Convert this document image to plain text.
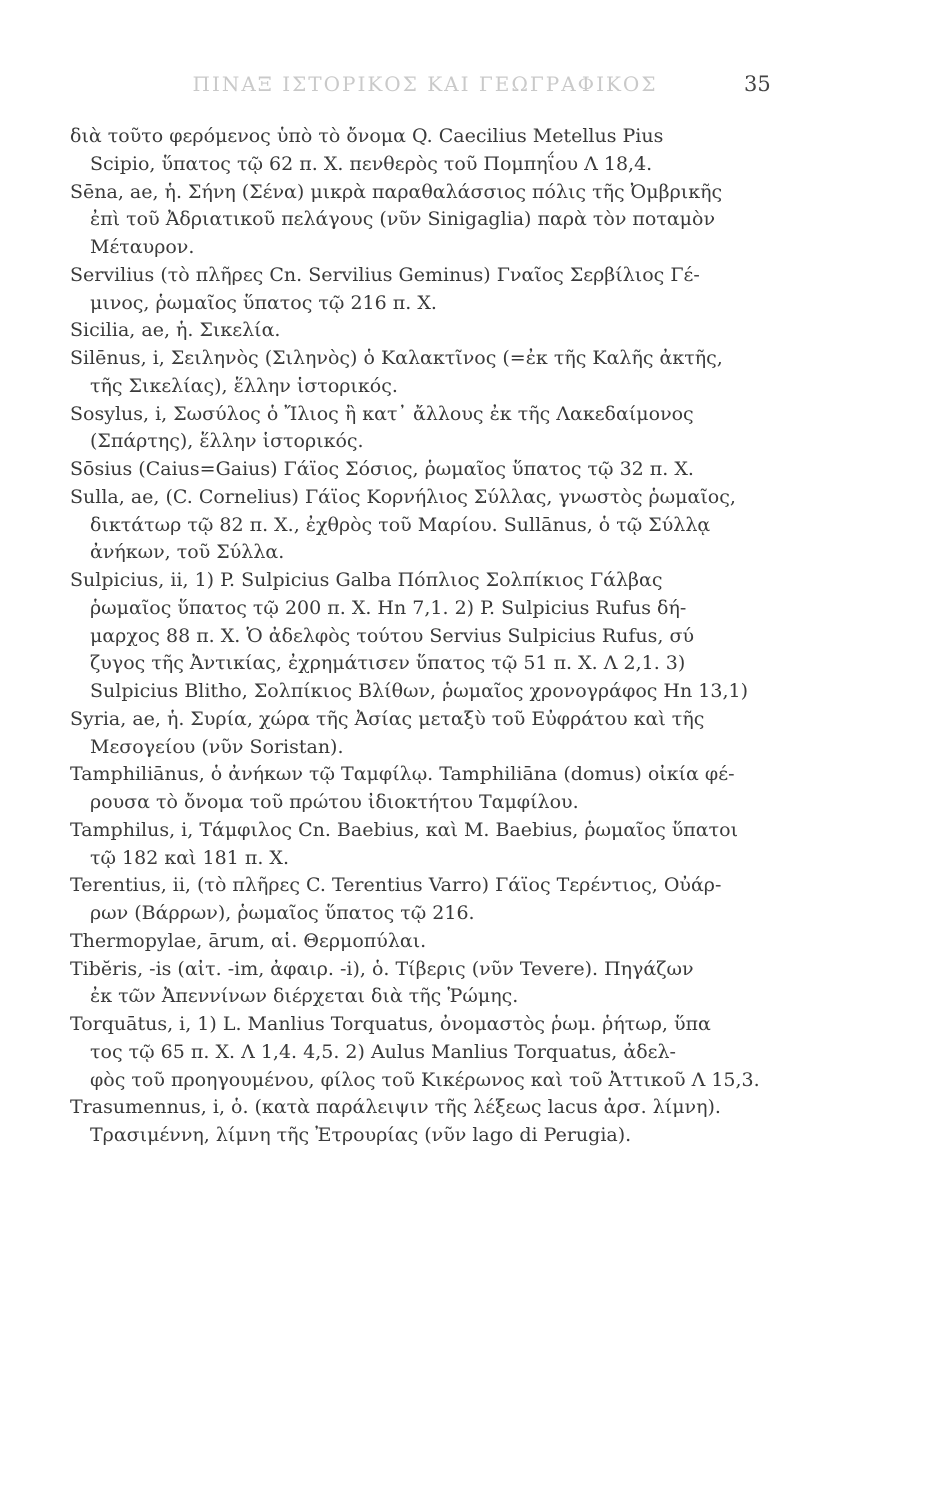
ΠΙΝΑΞ ΙΣΤΟΡΙΚΟΣ ΚΑΙ ΓΕΩΓΡΑΦΙΚΟΣ	35
διὰ τοῦτο φερόμενος ὑπὸ τὸ ὄνομα Q. Caecilius Metellus Pius
Scipio, ὕπατος τῷ 62 π. Χ. πενθερὸς τοῦ Πομπηΐου Λ 18,4.
Sēna, ae, ἡ. Σήνη (Σένα) μικρὰ παραθαλάσσιος πόλις τῆς Ὀμβρικῆς
ἐπὶ τοῦ Ἀδριατικοῦ πελάγους (νῦν Sinigaglia) παρὰ τὸν ποταμὸν
Μέταυρον.
Servilius (τὸ πλῆρες Cn. Servilius Geminus) Γναῖος Σερβίλιος Γέ-
μινος, ῥωμαῖος ὕπατος τῷ 216 π. Χ.
Sicilia, ae, ἡ. Σικελία.
Silēnus, i, Σειληνὸς (Σιληνὸς) ὁ Καλακτῖνος (=ἐκ τῆς Καλῆς ἀκτῆς,
τῆς Σικελίας), ἕλλην ἱστορικός.
Sosylus, i, Σωσύλος ὁ Ἴλιος ἢ κατ᾽ ἄλλους ἐκ τῆς Λακεδαίμονος
(Σπάρτης), ἕλλην ἱστορικός.
Sōsius (Caius=Gaius) Γάϊος Σόσιος, ῥωμαῖος ὕπατος τῷ 32 π. Χ.
Sulla, ae, (C. Cornelius) Γάϊος Κορνήλιος Σύλλας, γνωστὸς ῥωμαῖος,
δικτάτωρ τῷ 82 π. Χ., ἐχθρὸς τοῦ Μαρίου. Sullānus, ὁ τῷ Σύλλᾳ
ἀνήκων, τοῦ Σύλλα.
Sulpicius, ii, 1) P. Sulpicius Galba Πόπλιος Σολπίκιος Γάλβας
ῥωμαῖος ὕπατος τῷ 200 π. Χ. Ηn 7,1. 2) P. Sulpicius Rufus δή-
μαρχος 88 π. Χ. Ὁ ἀδελφὸς τούτου Servius Sulpicius Rufus, σύ
ζυγος τῆς Ἀντικίας, ἐχρημάτισεν ὕπατος τῷ 51 π. Χ. Λ 2,1. 3)
Sulpicius Blitho, Σολπίκιος Βλίθων, ῥωμαῖος χρονογράφος Ηn 13,1)
Syria, ae, ἡ. Συρία, χώρα τῆς Ἀσίας μεταξὺ τοῦ Εὐφράτου καὶ τῆς
Μεσογείου (νῦν Soristan).
Tamphiliānus, ὁ ἀνήκων τῷ Ταμφίλῳ. Tamphiliāna (domus) οἰκία φέ-
ρουσα τὸ ὄνομα τοῦ πρώτου ἰδιοκτήτου Ταμφίλου.
Tamphilus, i, Τάμφιλος Cn. Baebius, καὶ M. Baebius, ῥωμαῖος ὕπατοι
τῷ 182 καὶ 181 π. Χ.
Terentius, ii, (τὸ πλῆρες C. Terentius Varro) Γάϊος Τερέντιος, Οὐάρ-
ρων (Βάρρων), ῥωμαῖος ὕπατος τῷ 216.
Thermopylae, ārum, αἱ. Θερμοπύλαι.
Tibĕris, -is (αἰτ. -im, ἀφαιρ. -i), ὁ. Τίβερις (νῦν Tevere). Πηγάζων
ἐκ τῶν Ἀπεννίνων διέρχεται διὰ τῆς Ῥώμης.
Torquātus, i, 1) L. Manlius Torquatus, ὀνομαστὸς ῥωμ. ῥήτωρ, ὕπα
τος τῷ 65 π. Χ. Λ 1,4. 4,5. 2) Aulus Manlius Torquatus, ἀδελ-
φὸς τοῦ προηγουμένου, φίλος τοῦ Κικέρωνος καὶ τοῦ Ἀττικοῦ Λ 15,3.
Trasumennus, i, ὁ. (κατὰ παράλειψιν τῆς λέξεως lacus ἀρσ. λίμνη).
Τρασιμέννη, λίμνη τῆς Ἐτρουρίας (νῦν lago di Perugia).
